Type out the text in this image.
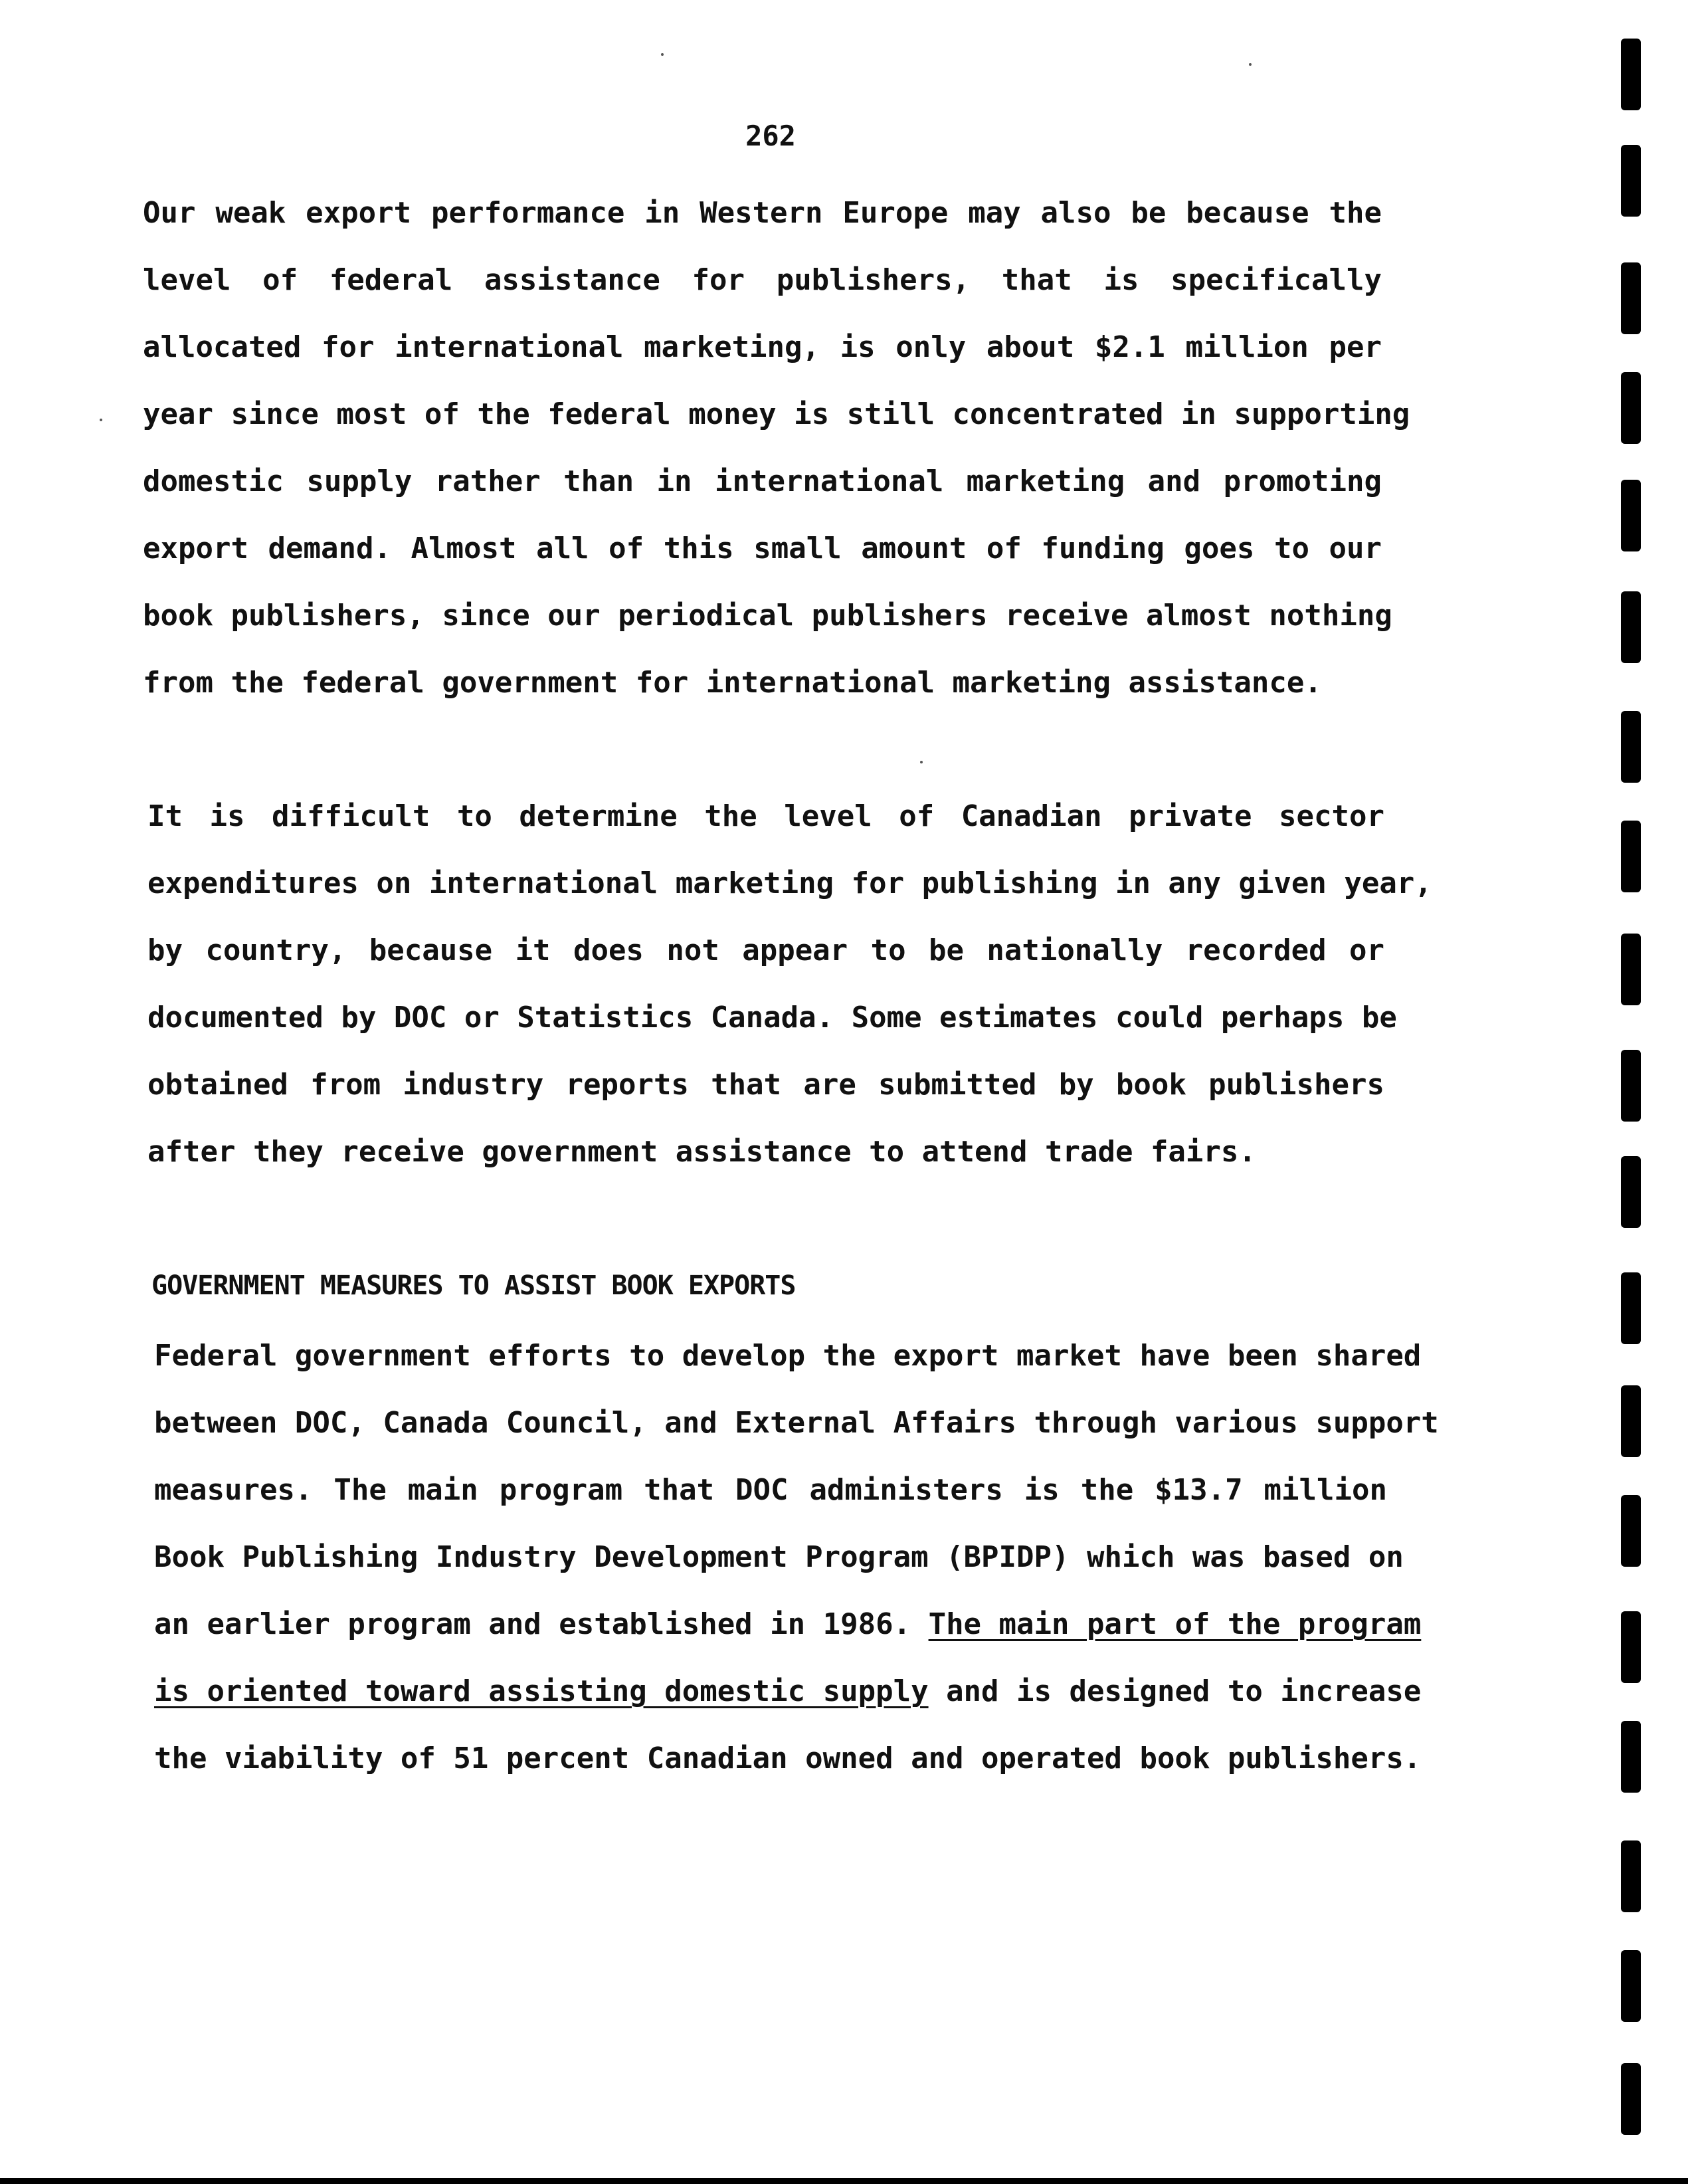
262
Our weak export performance in Western Europe may also be because the
level of federal assistance for publishers, that is specifically
allocated for international marketing, is only about $2.1 million per
year since most of the federal money is still concentrated in supporting
domestic supply rather than in international marketing and promoting
export demand. Almost all of this small amount of funding goes to our
book publishers, since our periodical publishers receive almost nothing
from the federal government for international marketing assistance.
It is difficult to determine the level of Canadian private sector
expenditures on international marketing for publishing in any given year,
by country, because it does not appear to be nationally recorded or
documented by DOC or Statistics Canada. Some estimates could perhaps be
obtained from industry reports that are submitted by book publishers
after they receive government assistance to attend trade fairs.
GOVERNMENT MEASURES TO ASSIST BOOK EXPORTS
Federal government efforts to develop the export market have been shared
between DOC, Canada Council, and External Affairs through various support
measures. The main program that DOC administers is the $13.7 million
Book Publishing Industry Development Program (BPIDP) which was based on
an earlier program and established in 1986. The main part of the program
is oriented toward assisting domestic supply and is designed to increase
the viability of 51 percent Canadian owned and operated book publishers.
